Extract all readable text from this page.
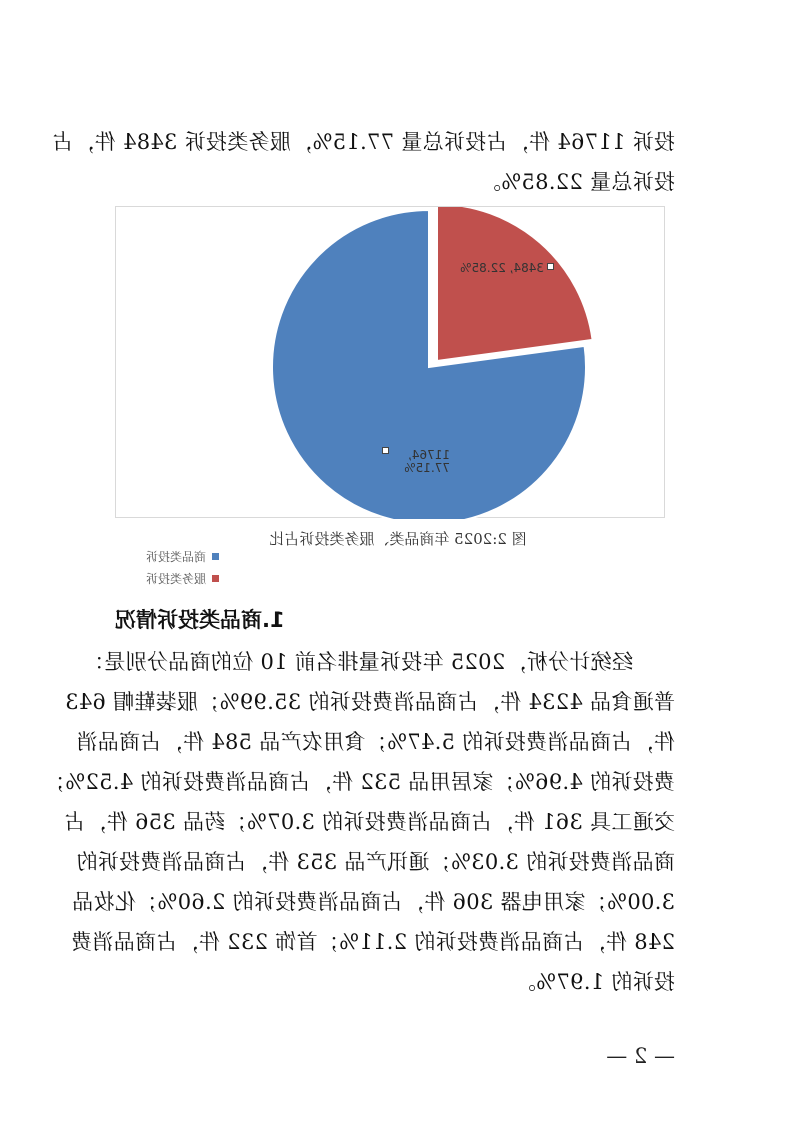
投诉 11764 件，占投诉总量 77.15%，服务类投诉 3484 件，占
投诉总量 22.85%。
商品类投诉
服务类投诉
11764, 77.15%
3484, 22.85%
图 2:2025 年商品类、服务类投诉占比
1.商品类投诉情况
经统计分析，2025 年投诉量排名前 10 位的商品分别是：
普通食品 4234 件，占商品消费投诉的 35.99%；服装鞋帽 643
件，占商品消费投诉的 5.47%；食用农产品 584 件，占商品消
费投诉的 4.96%；家居用品 532 件，占商品消费投诉的 4.52%；
交通工具 361 件，占商品消费投诉的 3.07%；药品 356 件，占
商品消费投诉的 3.03%；通讯产品 353 件，占商品消费投诉的
3.00%；家用电器 306 件，占商品消费投诉的 2.60%；化妆品
248 件，占商品消费投诉的 2.11%；首饰 232 件，占商品消费
投诉的 1.97%。
— 2 —
